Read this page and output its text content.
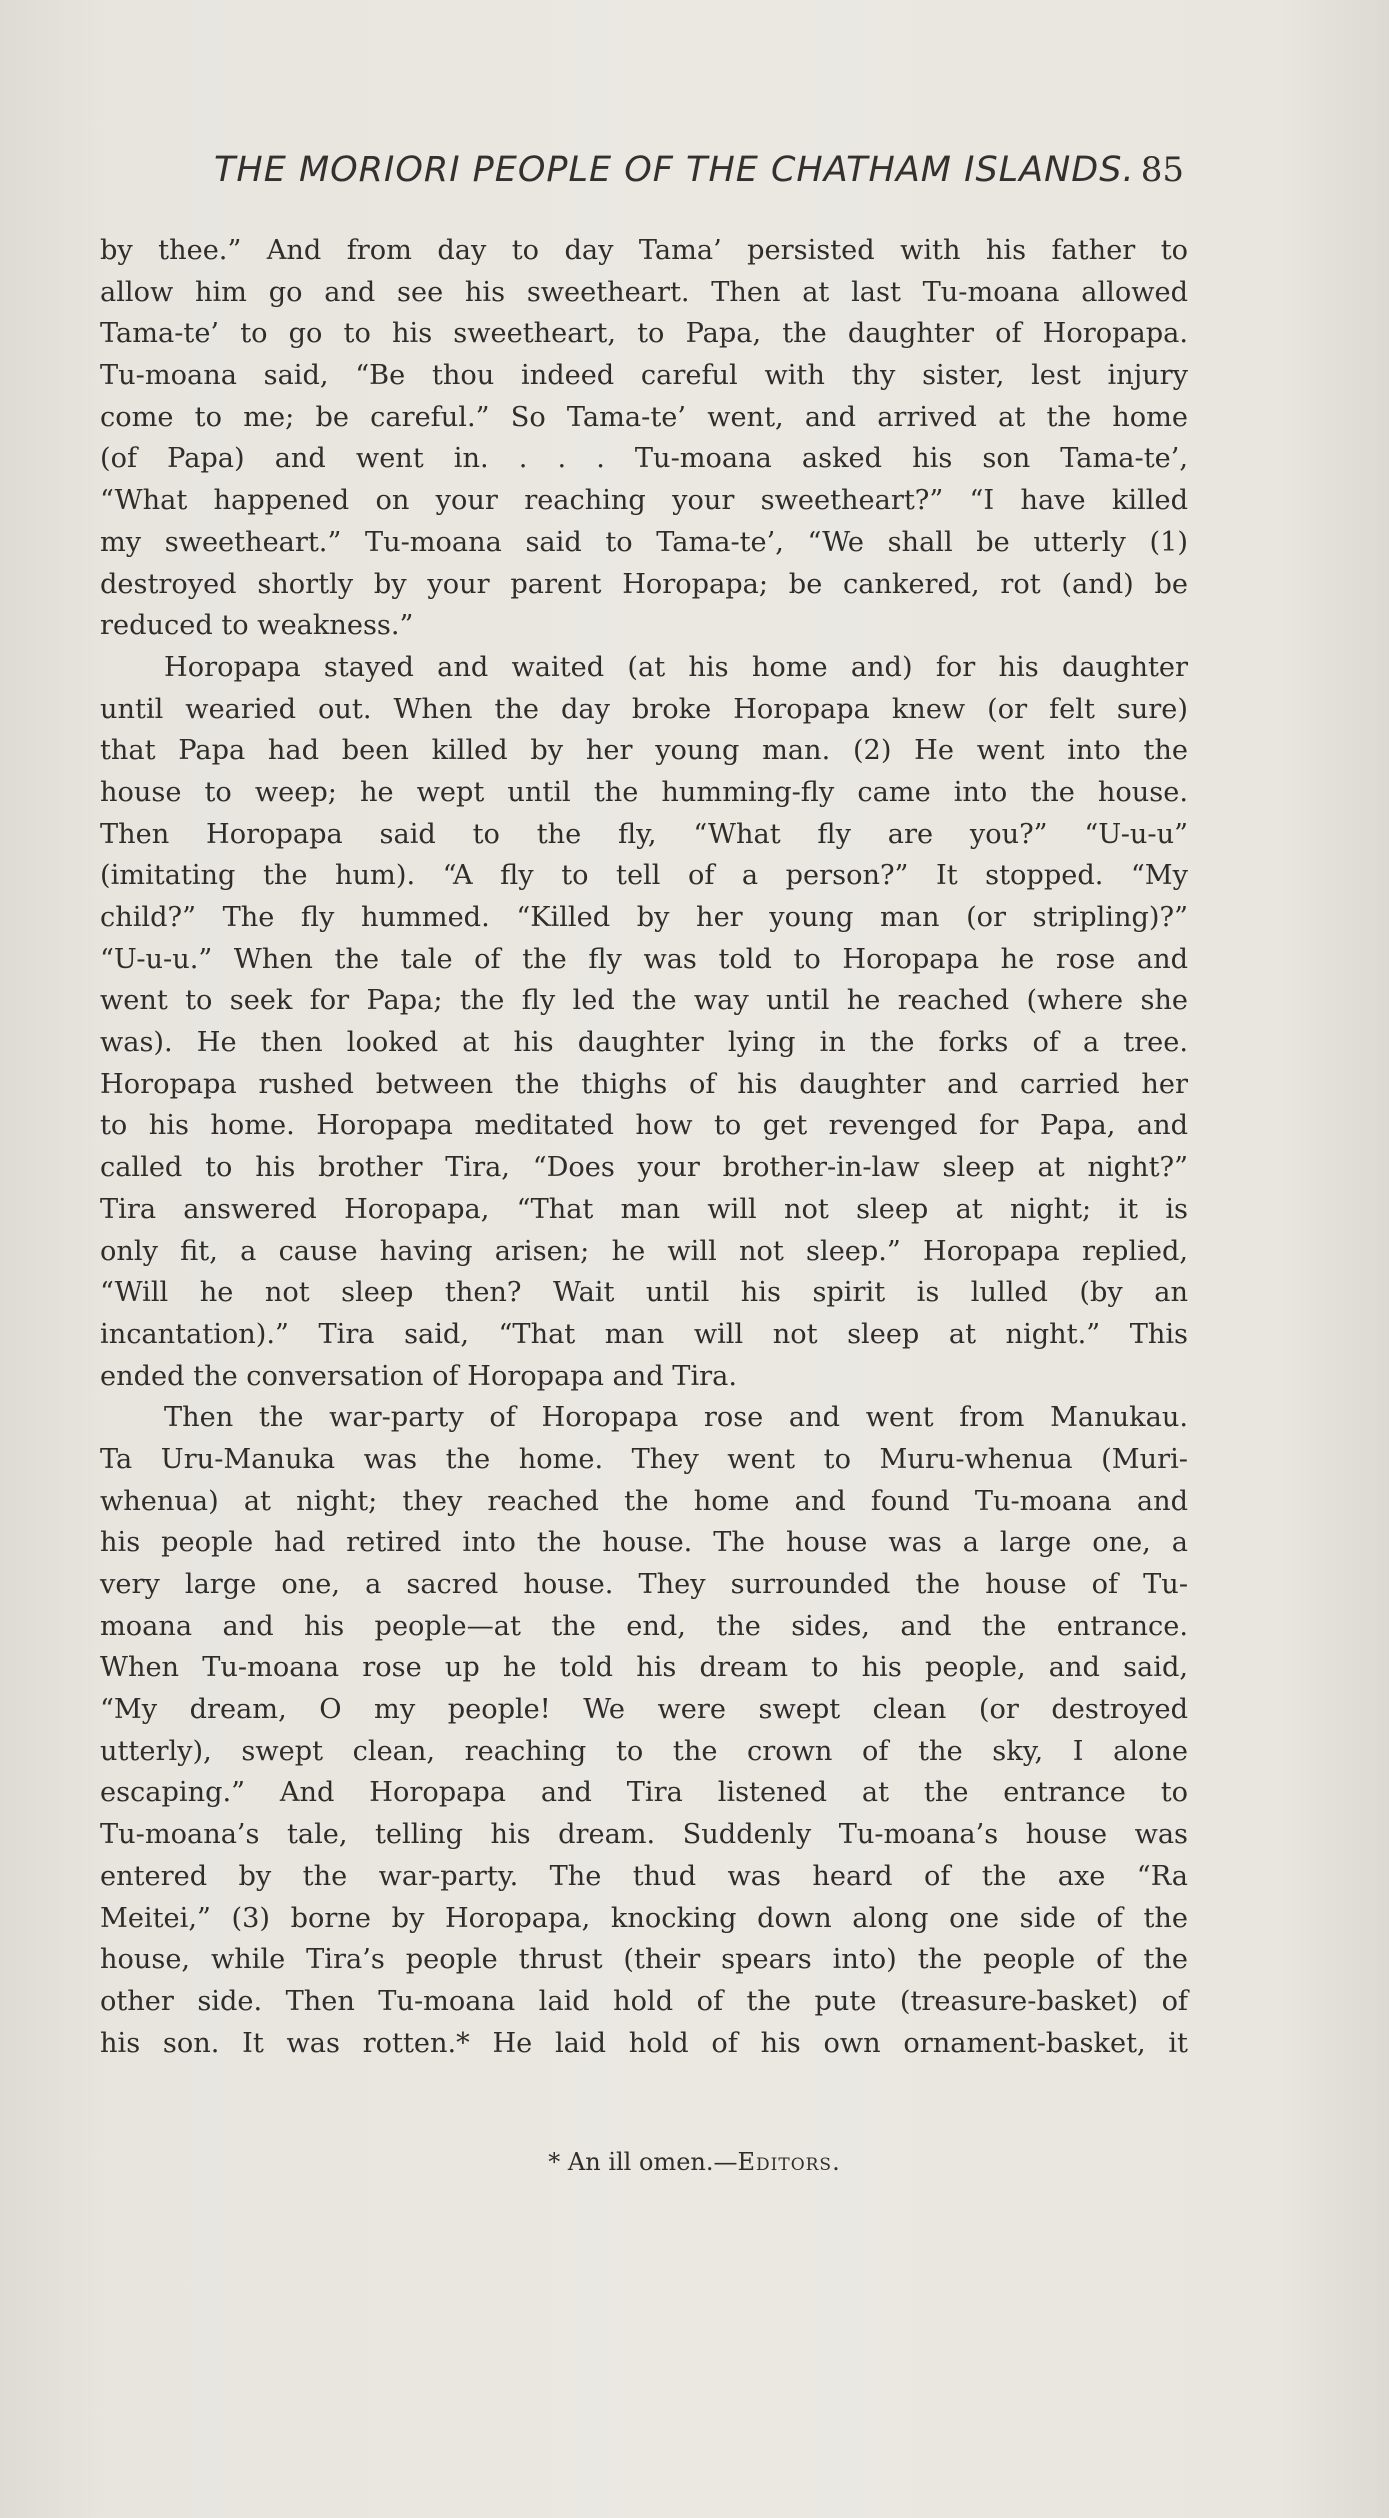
THE MORIORI PEOPLE OF THE CHATHAM ISLANDS. 85
by thee.” And from day to day Tama’ persisted with his father to
allow him go and see his sweetheart. Then at last Tu-moana allowed
Tama-te’ to go to his sweetheart, to Papa, the daughter of Horopapa.
Tu-moana said, “Be thou indeed careful with thy sister, lest injury
come to me; be careful.” So Tama-te’ went, and arrived at the home
(of Papa) and went in. . . . Tu-moana asked his son Tama-te’,
“What happened on your reaching your sweetheart?” “I have killed
my sweetheart.” Tu-moana said to Tama-te’, “We shall be utterly (1)
destroyed shortly by your parent Horopapa; be cankered, rot (and) be
reduced to weakness.”
Horopapa stayed and waited (at his home and) for his daughter
until wearied out. When the day broke Horopapa knew (or felt sure)
that Papa had been killed by her young man. (2) He went into the
house to weep; he wept until the humming-fly came into the house.
Then Horopapa said to the fly, “What fly are you?” “U-u-u”
(imitating the hum). “A fly to tell of a person?” It stopped. “My
child?” The fly hummed. “Killed by her young man (or stripling)?”
“U-u-u.” When the tale of the fly was told to Horopapa he rose and
went to seek for Papa; the fly led the way until he reached (where she
was). He then looked at his daughter lying in the forks of a tree.
Horopapa rushed between the thighs of his daughter and carried her
to his home. Horopapa meditated how to get revenged for Papa, and
called to his brother Tira, “Does your brother-in-law sleep at night?”
Tira answered Horopapa, “That man will not sleep at night; it is
only fit, a cause having arisen; he will not sleep.” Horopapa replied,
“Will he not sleep then? Wait until his spirit is lulled (by an
incantation).” Tira said, “That man will not sleep at night.” This
ended the conversation of Horopapa and Tira.
Then the war-party of Horopapa rose and went from Manukau.
Ta Uru-Manuka was the home. They went to Muru-whenua (Muri-
whenua) at night; they reached the home and found Tu-moana and
his people had retired into the house. The house was a large one, a
very large one, a sacred house. They surrounded the house of Tu-
moana and his people—at the end, the sides, and the entrance.
When Tu-moana rose up he told his dream to his people, and said,
“My dream, O my people! We were swept clean (or destroyed
utterly), swept clean, reaching to the crown of the sky, I alone
escaping.” And Horopapa and Tira listened at the entrance to
Tu-moana’s tale, telling his dream. Suddenly Tu-moana’s house was
entered by the war-party. The thud was heard of the axe “Ra
Meitei,” (3) borne by Horopapa, knocking down along one side of the
house, while Tira’s people thrust (their spears into) the people of the
other side. Then Tu-moana laid hold of the pute (treasure-basket) of
his son. It was rotten.* He laid hold of his own ornament-basket, it
* An ill omen.—Editors.
